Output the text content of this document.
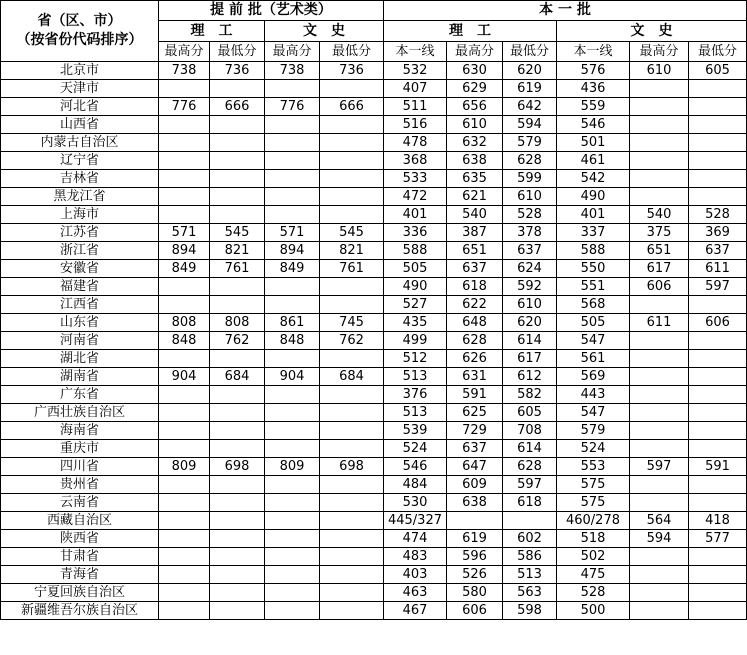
省（区、市）
（按省份代码排序）	提 前 批（艺术类）				本 一 批					
	理　工		文　史		理　工			文　史		
	最高分	最低分	最高分	最低分	本一线	最高分	最低分	本一线	最高分	最低分
北京市	738	736	738	736	532	630	620	576	610	605
天津市					407	629	619	436		
河北省	776	666	776	666	511	656	642	559		
山西省					516	610	594	546		
内蒙古自治区					478	632	579	501		
辽宁省					368	638	628	461		
吉林省					533	635	599	542		
黑龙江省					472	621	610	490		
上海市					401	540	528	401	540	528
江苏省	571	545	571	545	336	387	378	337	375	369
浙江省	894	821	894	821	588	651	637	588	651	637
安徽省	849	761	849	761	505	637	624	550	617	611
福建省					490	618	592	551	606	597
江西省					527	622	610	568		
山东省	808	808	861	745	435	648	620	505	611	606
河南省	848	762	848	762	499	628	614	547		
湖北省					512	626	617	561		
湖南省	904	684	904	684	513	631	612	569		
广东省					376	591	582	443		
广西壮族自治区					513	625	605	547		
海南省					539	729	708	579		
重庆市					524	637	614	524		
四川省	809	698	809	698	546	647	628	553	597	591
贵州省					484	609	597	575		
云南省					530	638	618	575		
西藏自治区					445/327			460/278	564	418
陕西省					474	619	602	518	594	577
甘肃省					483	596	586	502		
青海省					403	526	513	475		
宁夏回族自治区					463	580	563	528		
新疆维吾尔族自治区					467	606	598	500		
